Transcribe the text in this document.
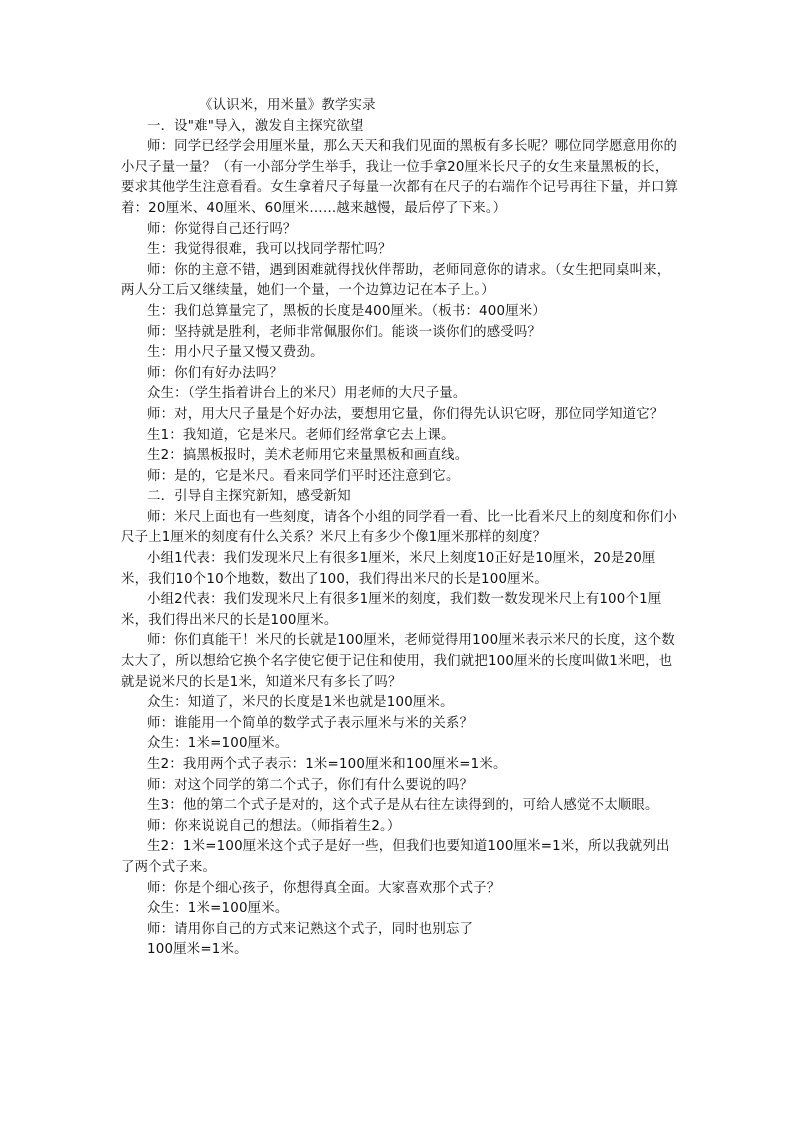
《认识米，用米量》教学实录

一．设"难"导入，激发自主探究欲望

师：同学已经学会用厘米量，那么天天和我们见面的黑板有多长呢？哪位同学愿意用你的小尺子量一量？（有一小部分学生举手，我让一位手拿20厘米长尺子的女生来量黑板的长，要求其他学生注意看看。女生拿着尺子每量一次都有在尺子的右端作个记号再往下量，并口算着：20厘米、40厘米、60厘米……越来越慢，最后停了下来。）

师：你觉得自己还行吗？

生：我觉得很难，我可以找同学帮忙吗？

师：你的主意不错，遇到困难就得找伙伴帮助，老师同意你的请求。（女生把同桌叫来，两人分工后又继续量，她们一个量，一个边算边记在本子上。）

生：我们总算量完了，黑板的长度是400厘米。（板书：400厘米）

师：坚持就是胜利，老师非常佩服你们。能谈一谈你们的感受吗？

生：用小尺子量又慢又费劲。

师：你们有好办法吗？

众生：（学生指着讲台上的米尺）用老师的大尺子量。

师：对，用大尺子量是个好办法，要想用它量，你们得先认识它呀，那位同学知道它？

生1：我知道，它是米尺。老师们经常拿它去上课。

生2：搞黑板报时，美术老师用它来量黑板和画直线。

师：是的，它是米尺。看来同学们平时还注意到它。

二．引导自主探究新知，感受新知

师：米尺上面也有一些刻度，请各个小组的同学看一看、比一比看米尺上的刻度和你们小尺子上1厘米的刻度有什么关系？米尺上有多少个像1厘米那样的刻度？

小组1代表：我们发现米尺上有很多1厘米，米尺上刻度10正好是10厘米，20是20厘米，我们10个10个地数，数出了100，我们得出米尺的长是100厘米。

小组2代表：我们发现米尺上有很多1厘米的刻度，我们数一数发现米尺上有100个1厘米，我们得出米尺的长是100厘米。

师：你们真能干！米尺的长就是100厘米，老师觉得用100厘米表示米尺的长度，这个数太大了，所以想给它换个名字使它便于记住和使用，我们就把100厘米的长度叫做1米吧，也就是说米尺的长是1米，知道米尺有多长了吗？

众生：知道了，米尺的长度是1米也就是100厘米。

师：谁能用一个简单的数学式子表示厘米与米的关系？

众生：1米=100厘米。

生2：我用两个式子表示：1米=100厘米和100厘米=1米。

师：对这个同学的第二个式子，你们有什么要说的吗？

生3：他的第二个式子是对的，这个式子是从右往左读得到的，可给人感觉不太顺眼。

师：你来说说自己的想法。（师指着生2。）

生2：1米=100厘米这个式子是好一些，但我们也要知道100厘米=1米，所以我就列出了两个式子来。

师：你是个细心孩子，你想得真全面。大家喜欢那个式子？

众生：1米=100厘米。

师：请用你自己的方式来记熟这个式子，同时也别忘了

100厘米=1米。
